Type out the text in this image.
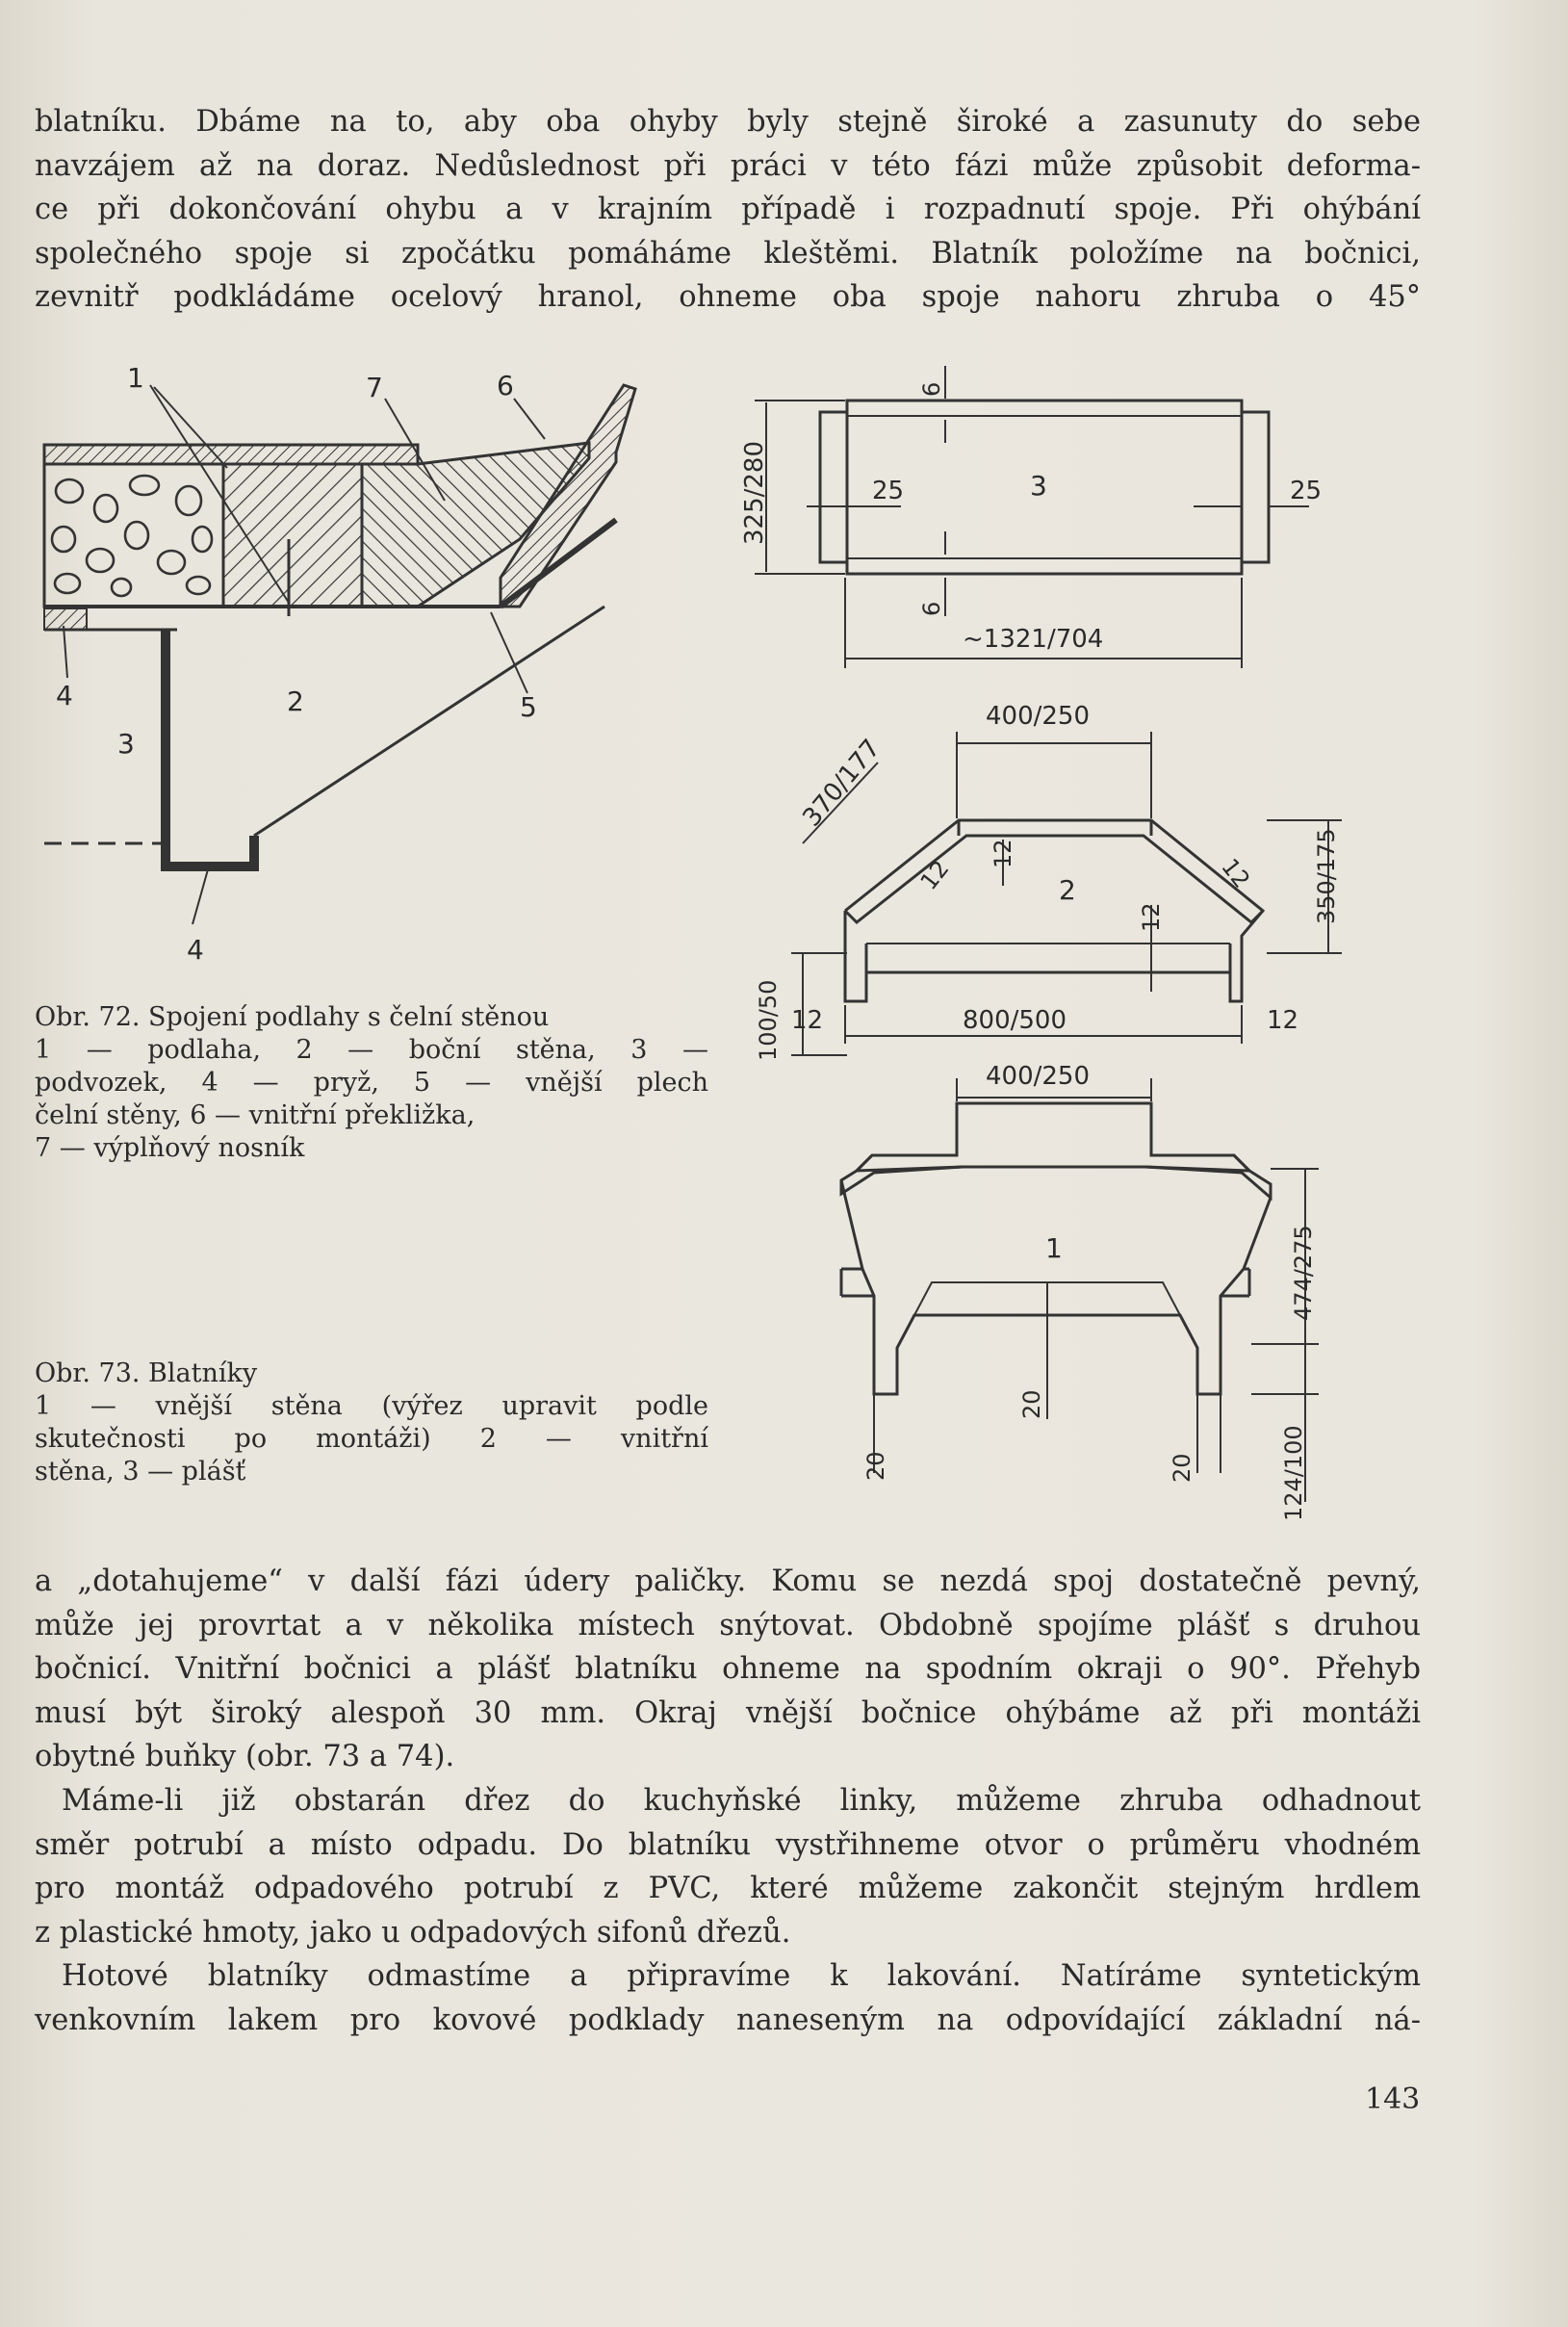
blatníku. Dbáme na to, aby oba ohyby byly stejně široké a zasunuty do sebe
navzájem až na doraz. Nedůslednost při práci v této fázi může způsobit deforma-
ce při dokončování ohybu a v krajním případě i rozpadnutí spoje. Při ohýbání
společného spoje si zpočátku pomáháme kleštěmi. Blatník položíme na bočnici,
zevnitř podkládáme ocelový hranol, ohneme oba spoje nahoru zhruba o 45°
1	7	6
4	2	5
3
4
325/280	25	3	25
6
6
~1321/704
400/250
370/177
12
12	12
2	350/175
12
100/50 12	800/500	12
Obr. 72. Spojení podlahy s čelní stěnou
1 — podlaha, 2 — boční stěna, 3 —
podvozek, 4 — pryž, 5 — vnější plech
čelní stěny, 6 — vnitřní překližka,
7 — výplňový nosník
400/250
1	474/275
20
20	20	124/100
Obr. 73. Blatníky
1 — vnější stěna (výřez upravit podle
skutečnosti po montáži) 2 — vnitřní
stěna, 3 — plášť
a „dotahujeme“ v další fázi údery paličky. Komu se nezdá spoj dostatečně pevný,
může jej provrtat a v několika místech snýtovat. Obdobně spojíme plášť s druhou
bočnicí. Vnitřní bočnici a plášť blatníku ohneme na spodním okraji o 90°. Přehyb
musí být široký alespoň 30 mm. Okraj vnější bočnice ohýbáme až při montáži
obytné buňky (obr. 73 a 74).
Máme-li již obstarán dřez do kuchyňské linky, můžeme zhruba odhadnout
směr potrubí a místo odpadu. Do blatníku vystřihneme otvor o průměru vhodném
pro montáž odpadového potrubí z PVC, které můžeme zakončit stejným hrdlem
z plastické hmoty, jako u odpadových sifonů dřezů.
Hotové blatníky odmastíme a připravíme k lakování. Natíráme syntetickým
venkovním lakem pro kovové podklady naneseným na odpovídající základní ná-
143
